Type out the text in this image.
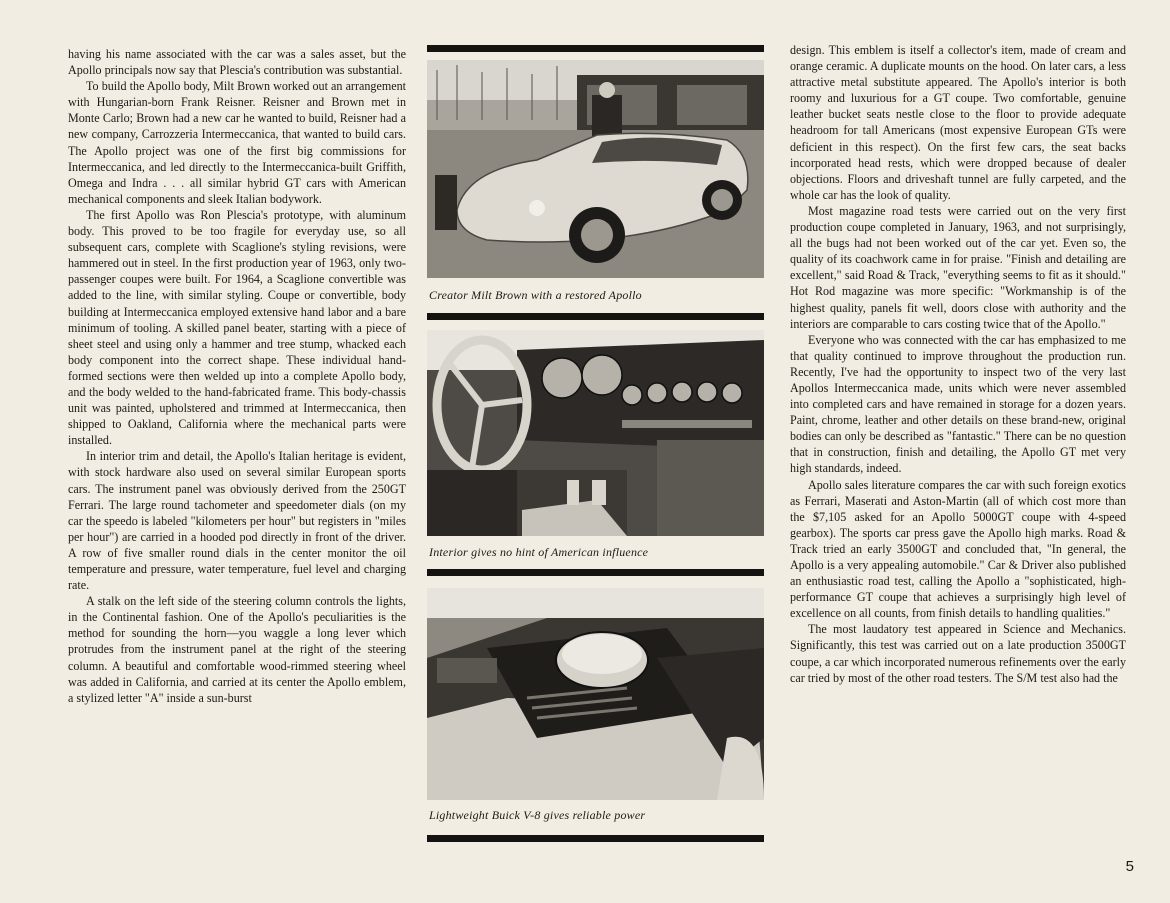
having his name associated with the car was a sales asset, but the Apollo principals now say that Plescia's contribution was substantial.

To build the Apollo body, Milt Brown worked out an arrangement with Hungarian-born Frank Reisner. Reisner and Brown met in Monte Carlo; Brown had a new car he wanted to build, Reisner had a new company, Carrozzeria Intermeccanica, that wanted to build cars. The Apollo project was one of the first big commissions for Intermeccanica, and led directly to the Intermeccanica-built Griffith, Omega and Indra . . . all similar hybrid GT cars with American mechanical components and sleek Italian bodywork.

The first Apollo was Ron Plescia's prototype, with aluminum body. This proved to be too fragile for everyday use, so all subsequent cars, complete with Scaglione's styling revisions, were hammered out in steel. In the first production year of 1963, only two-passenger coupes were built. For 1964, a Scaglione convertible was added to the line, with similar styling. Coupe or convertible, body building at Intermeccanica employed extensive hand labor and a bare minimum of tooling. A skilled panel beater, starting with a piece of sheet steel and using only a hammer and tree stump, whacked each body component into the correct shape. These individual hand-formed sections were then welded up into a complete Apollo body, and the body welded to the hand-fabricated frame. This body-chassis unit was painted, upholstered and trimmed at Intermeccanica, then shipped to Oakland, California where the mechanical parts were installed.

In interior trim and detail, the Apollo's Italian heritage is evident, with stock hardware also used on several similar European sports cars. The instrument panel was obviously derived from the 250GT Ferrari. The large round tachometer and speedometer dials (on my car the speedo is labeled "kilometers per hour" but registers in "miles per hour") are carried in a hooded pod directly in front of the driver. A row of five smaller round dials in the center monitor the oil temperature and pressure, water temperature, fuel level and charging rate.

A stalk on the left side of the steering column controls the lights, in the Continental fashion. One of the Apollo's peculiarities is the method for sounding the horn—you waggle a long lever which protrudes from the instrument panel at the right of the steering column. A beautiful and comfortable wood-rimmed steering wheel was added in California, and carried at its center the Apollo emblem, a stylized letter "A" inside a sun-burst

Creator Milt Brown with a restored Apollo
Interior gives no hint of American influence
Lightweight Buick V-8 gives reliable power

design. This emblem is itself a collector's item, made of cream and orange ceramic. A duplicate mounts on the hood. On later cars, a less attractive metal substitute appeared. The Apollo's interior is both roomy and luxurious for a GT coupe. Two comfortable, genuine leather bucket seats nestle close to the floor to provide adequate headroom for tall Americans (most expensive European GTs were deficient in this respect). On the first few cars, the seat backs incorporated head rests, which were dropped because of dealer objections. Floors and driveshaft tunnel are fully carpeted, and the whole car has the look of quality.

Most magazine road tests were carried out on the very first production coupe completed in January, 1963, and not surprisingly, all the bugs had not been worked out of the car yet. Even so, the quality of its coachwork came in for praise. "Finish and detailing are excellent," said Road & Track, "everything seems to fit as it should." Hot Rod magazine was more specific: "Workmanship is of the highest quality, panels fit well, doors close with authority and the interiors are comparable to cars costing twice that of the Apollo."

Everyone who was connected with the car has emphasized to me that quality continued to improve throughout the production run. Recently, I've had the opportunity to inspect two of the very last Apollos Intermeccanica made, units which were never assembled into completed cars and have remained in storage for a dozen years. Paint, chrome, leather and other details on these brand-new, original bodies can only be described as "fantastic." There can be no question that in construction, finish and detailing, the Apollo GT met very high standards, indeed.

Apollo sales literature compares the car with such foreign exotics as Ferrari, Maserati and Aston-Martin (all of which cost more than the $7,105 asked for an Apollo 5000GT coupe with 4-speed gearbox). The sports car press gave the Apollo high marks. Road & Track tried an early 3500GT and concluded that, "In general, the Apollo is a very appealing automobile." Car & Driver also published an enthusiastic road test, calling the Apollo a "sophisticated, high-performance GT coupe that achieves a surprisingly high level of excellence on all counts, from finish details to handling qualities."

The most laudatory test appeared in Science and Mechanics. Significantly, this test was carried out on a late production 3500GT coupe, a car which incorporated numerous refinements over the early car tried by most of the other road testers. The S/M test also had the

5
